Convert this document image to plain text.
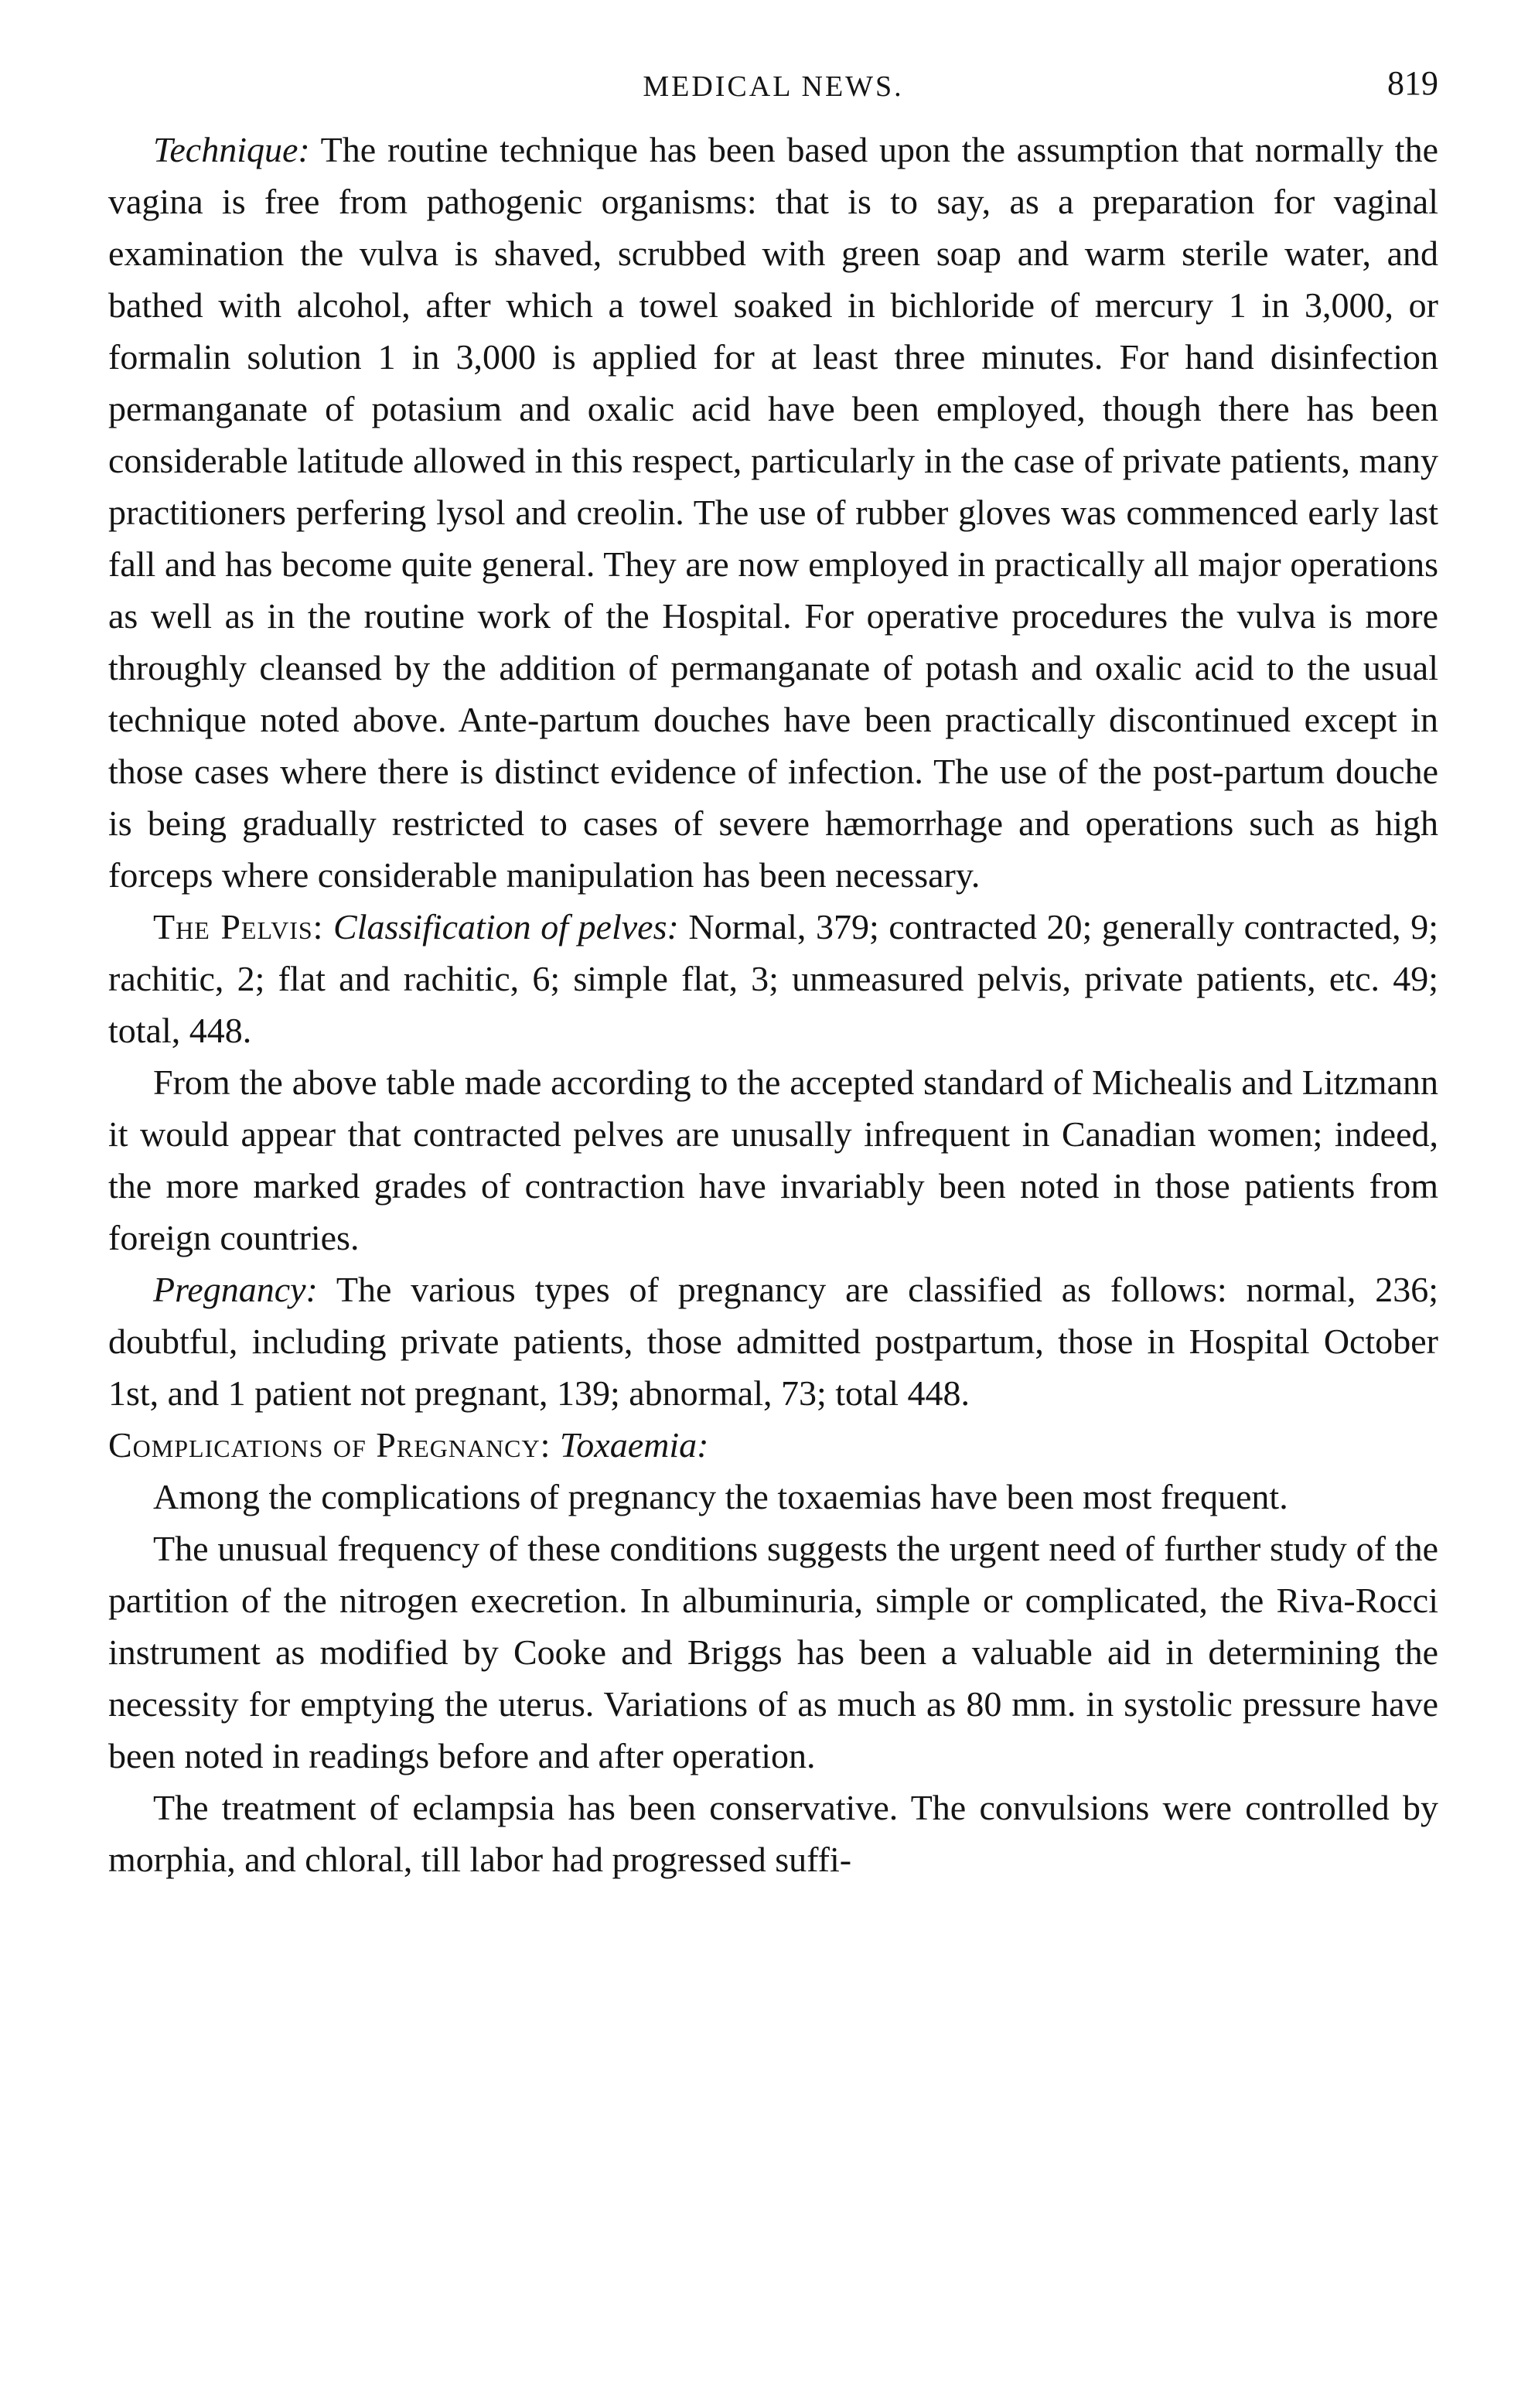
MEDICAL NEWS.	819

Technique: The routine technique has been based upon the assumption that normally the vagina is free from pathogenic organisms: that is to say, as a preparation for vaginal examination the vulva is shaved, scrubbed with green soap and warm sterile water, and bathed with alcohol, after which a towel soaked in bichloride of mercury 1 in 3,000, or formalin solution 1 in 3,000 is applied for at least three minutes. For hand disinfection permanganate of potasium and oxalic acid have been employed, though there has been considerable latitude allowed in this respect, particularly in the case of private patients, many practitioners perfering lysol and creolin. The use of rubber gloves was commenced early last fall and has become quite general. They are now employed in practically all major operations as well as in the routine work of the Hospital. For operative procedures the vulva is more throughly cleansed by the addition of permanganate of potash and oxalic acid to the usual technique noted above. Ante-partum douches have been practically discontinued except in those cases where there is distinct evidence of infection. The use of the post-partum douche is being gradually restricted to cases of severe hæmorrhage and operations such as high forceps where considerable manipulation has been necessary.

The Pelvis: Classification of pelves: Normal, 379; contracted 20; generally contracted, 9; rachitic, 2; flat and rachitic, 6; simple flat, 3; unmeasured pelvis, private patients, etc. 49; total, 448.

From the above table made according to the accepted standard of Michealis and Litzmann it would appear that contracted pelves are unusally infrequent in Canadian women; indeed, the more marked grades of contraction have invariably been noted in those patients from foreign countries.

Pregnancy: The various types of pregnancy are classified as follows: normal, 236; doubtful, including private patients, those admitted postpartum, those in Hospital October 1st, and 1 patient not pregnant, 139; abnormal, 73; total 448.

Complications of Pregnancy: Toxaemia:

Among the complications of pregnancy the toxaemias have been most frequent.

The unusual frequency of these conditions suggests the urgent need of further study of the partition of the nitrogen execretion. In albuminuria, simple or complicated, the Riva-Rocci instrument as modified by Cooke and Briggs has been a valuable aid in determining the necessity for emptying the uterus. Variations of as much as 80 mm. in systolic pressure have been noted in readings before and after operation.

The treatment of eclampsia has been conservative. The convulsions were controlled by morphia, and chloral, till labor had progressed suffi-
